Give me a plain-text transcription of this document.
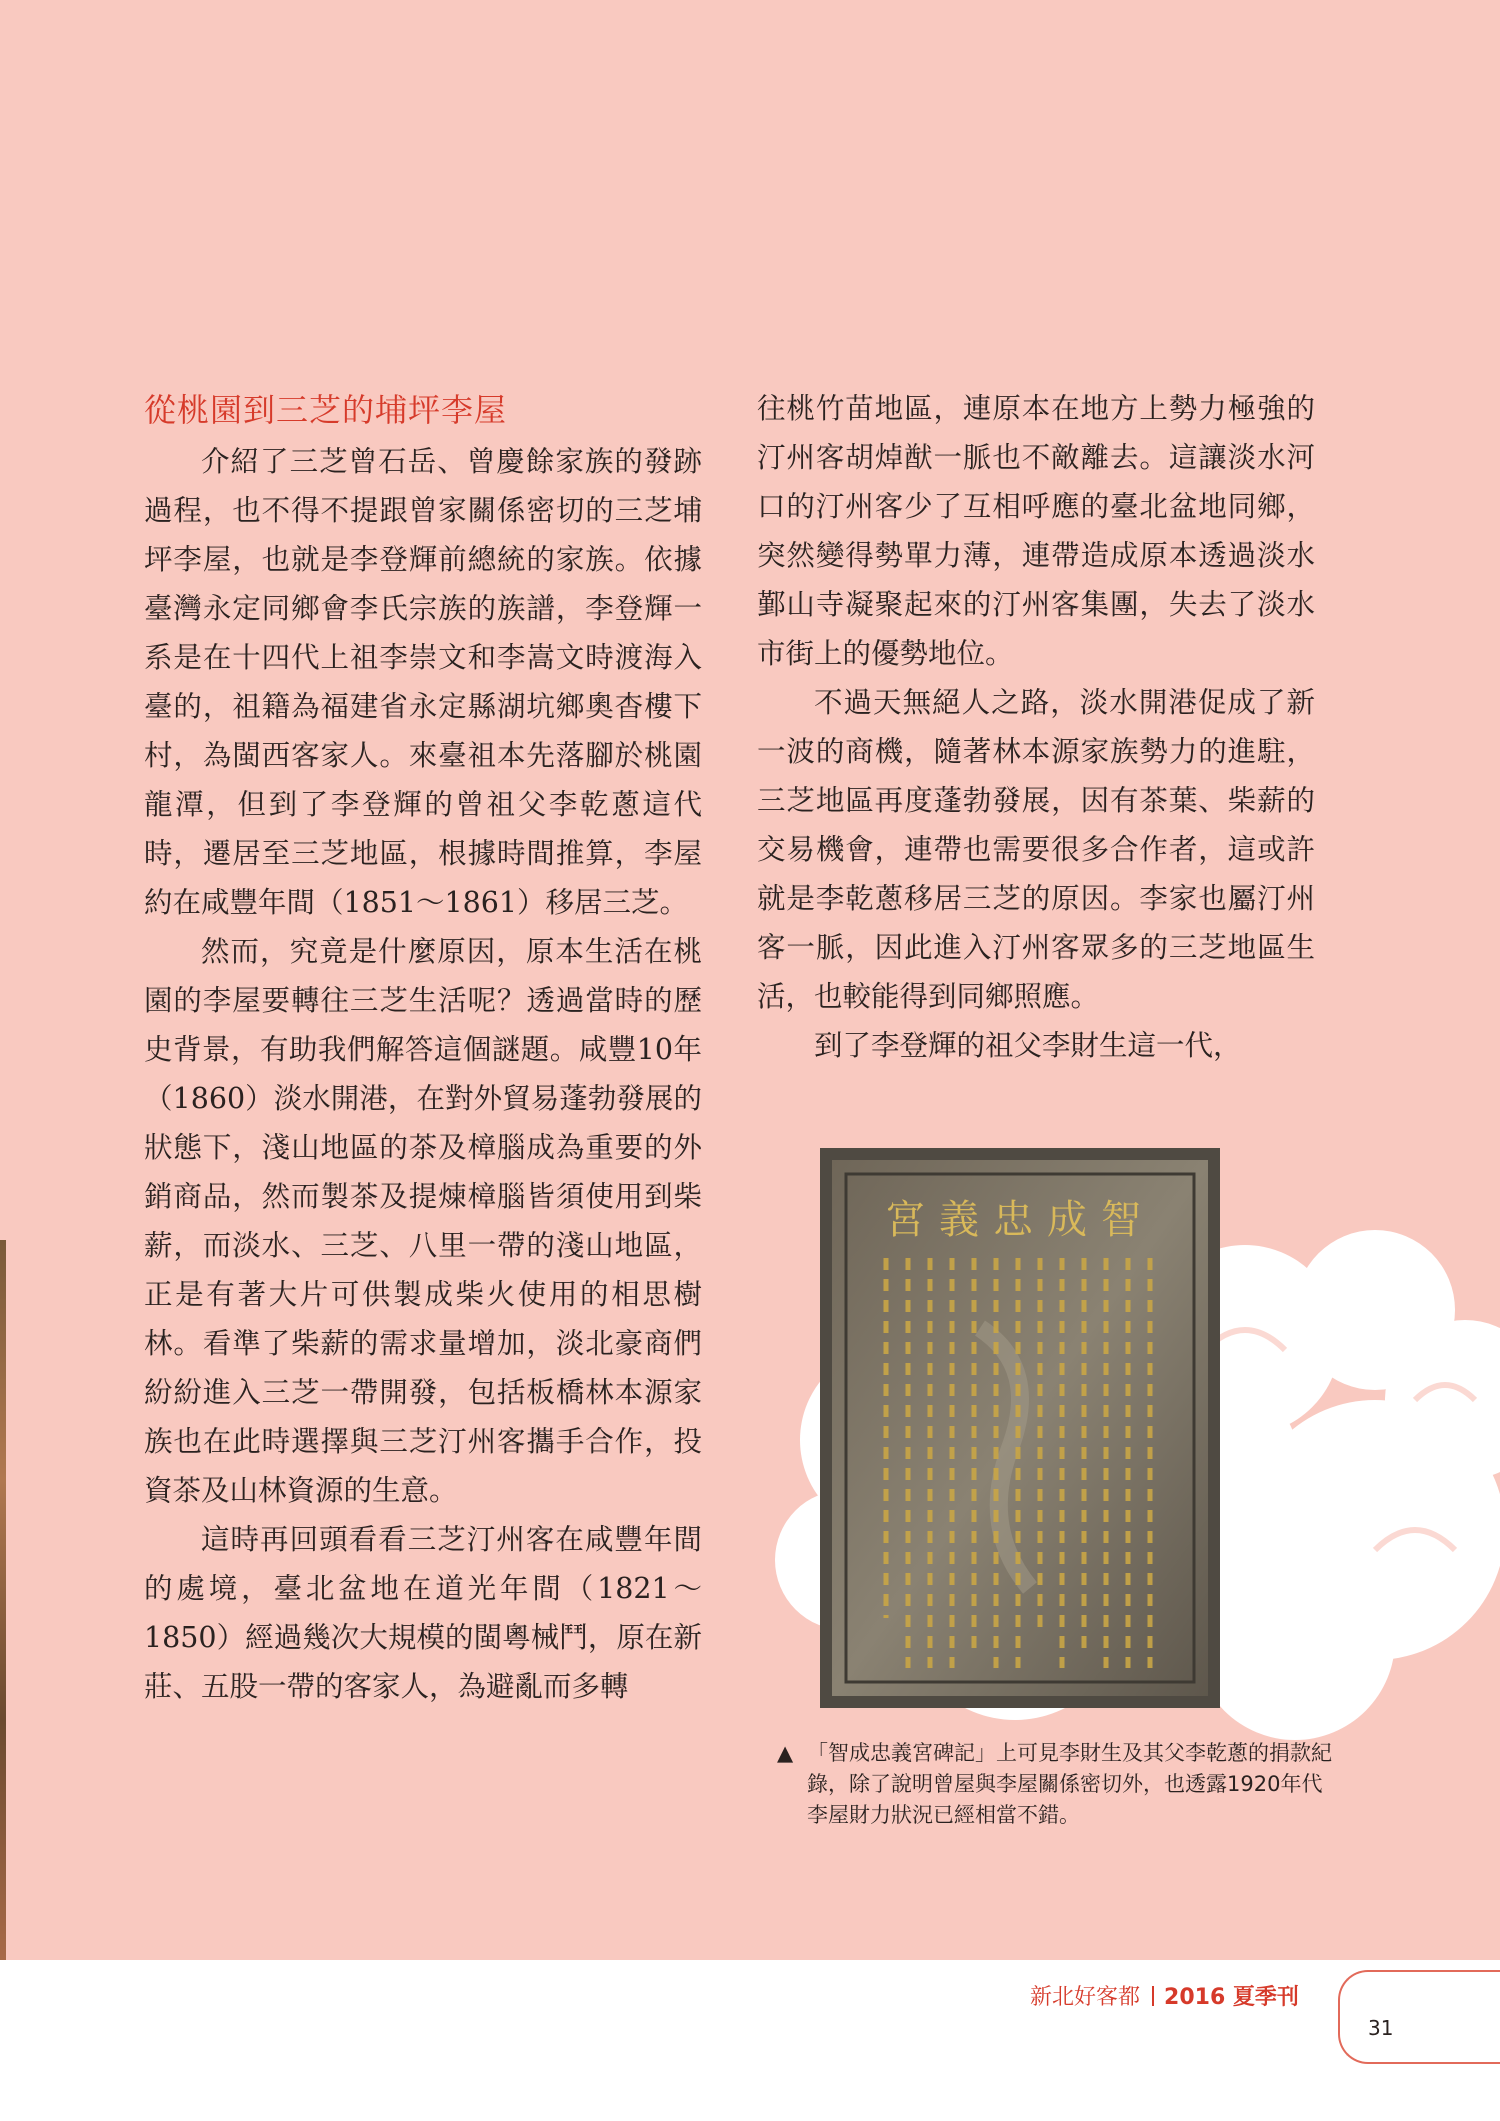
從桃園到三芝的埔坪李屋

介紹了三芝曾石岳、曾慶餘家族的發跡過程，也不得不提跟曾家關係密切的三芝埔坪李屋，也就是李登輝前總統的家族。依據臺灣永定同鄉會李氏宗族的族譜，李登輝一系是在十四代上祖李崇文和李嵩文時渡海入臺的，祖籍為福建省永定縣湖坑鄉奧杳樓下村，為閩西客家人。來臺祖本先落腳於桃園龍潭，但到了李登輝的曾祖父李乾蔥這代時，遷居至三芝地區，根據時間推算，李屋約在咸豐年間（1851～1861）移居三芝。

然而，究竟是什麼原因，原本生活在桃園的李屋要轉往三芝生活呢？透過當時的歷史背景，有助我們解答這個謎題。咸豐10年（1860）淡水開港，在對外貿易蓬勃發展的狀態下，淺山地區的茶及樟腦成為重要的外銷商品，然而製茶及提煉樟腦皆須使用到柴薪，而淡水、三芝、八里一帶的淺山地區，正是有著大片可供製成柴火使用的相思樹林。看準了柴薪的需求量增加，淡北豪商們紛紛進入三芝一帶開發，包括板橋林本源家族也在此時選擇與三芝汀州客攜手合作，投資茶及山林資源的生意。

這時再回頭看看三芝汀州客在咸豐年間的處境，臺北盆地在道光年間（1821～1850）經過幾次大規模的閩粵械鬥，原在新莊、五股一帶的客家人，為避亂而多轉

往桃竹苗地區，連原本在地方上勢力極強的汀州客胡焯猷一脈也不敵離去。這讓淡水河口的汀州客少了互相呼應的臺北盆地同鄉，突然變得勢單力薄，連帶造成原本透過淡水鄞山寺凝聚起來的汀州客集團，失去了淡水市街上的優勢地位。

不過天無絕人之路，淡水開港促成了新一波的商機，隨著林本源家族勢力的進駐，三芝地區再度蓬勃發展，因有茶葉、柴薪的交易機會，連帶也需要很多合作者，這或許就是李乾蔥移居三芝的原因。李家也屬汀州客一脈，因此進入汀州客眾多的三芝地區生活，也較能得到同鄉照應。

到了李登輝的祖父李財生這一代，

智成忠義宮
▲ 「智成忠義宮碑記」上可見李財生及其父李乾蔥的捐款紀錄，除了說明曾屋與李屋關係密切外，也透露1920年代李屋財力狀況已經相當不錯。
新北好客都 2016 夏季刊
31
